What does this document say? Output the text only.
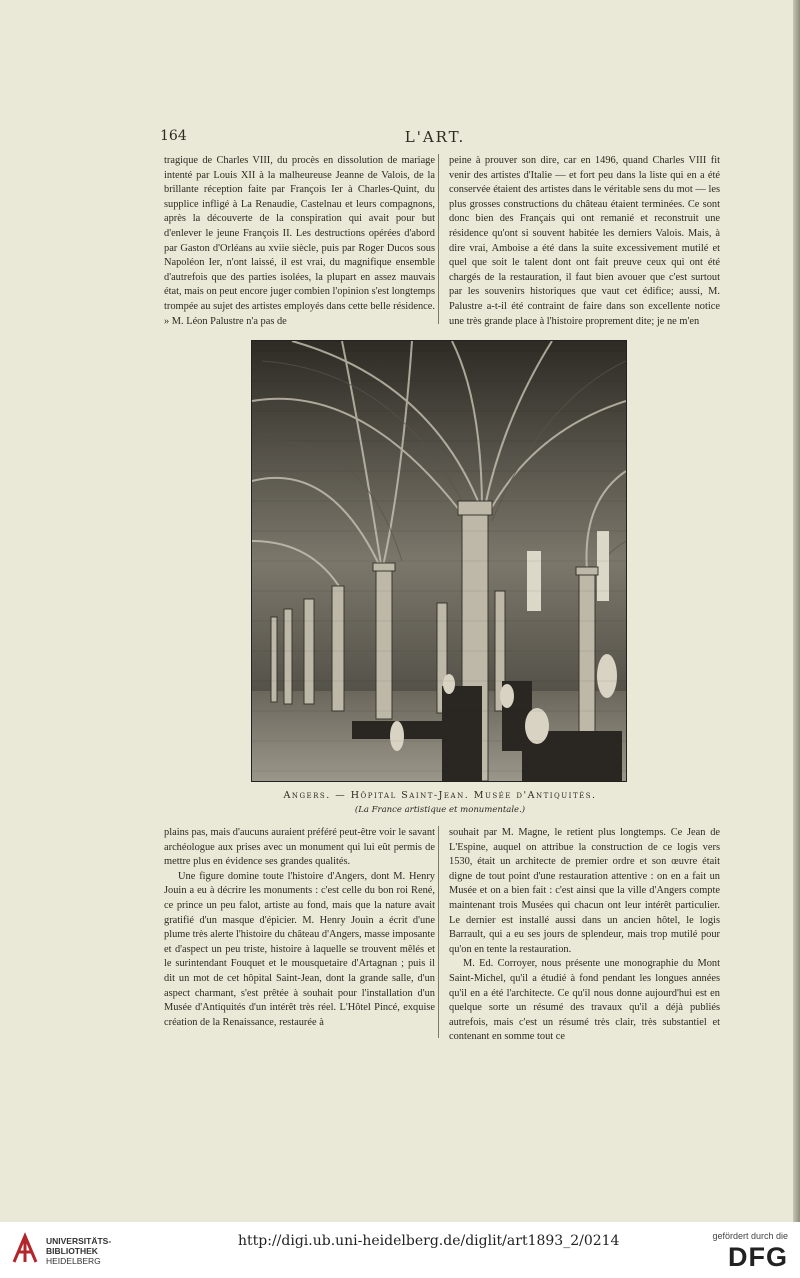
164	L'ART.

tragique de Charles VIII, du procès en dissolution de mariage intenté par Louis XII à la malheureuse Jeanne de Valois, de la brillante réception faite par François Ier à Charles-Quint, du supplice infligé à La Renaudie, Castelnau et leurs compagnons, après la découverte de la conspiration qui avait pour but d'enlever le jeune François II. Les destructions opérées d'abord par Gaston d'Orléans au xviie siècle, puis par Roger Ducos sous Napoléon Ier, n'ont laissé, il est vrai, du magnifique ensemble d'autrefois que des parties isolées, la plupart en assez mauvais état, mais on peut encore juger combien l'opinion s'est longtemps trompée au sujet des artistes employés dans cette belle résidence. » M. Léon Palustre n'a pas de

peine à prouver son dire, car en 1496, quand Charles VIII fit venir des artistes d'Italie — et fort peu dans la liste qui en a été conservée étaient des artistes dans le véritable sens du mot — les plus grosses constructions du château étaient terminées. Ce sont donc bien des Français qui ont remanié et reconstruit une résidence qu'ont si souvent habitée les derniers Valois. Mais, à dire vrai, Amboise a été dans la suite excessivement mutilé et quel que soit le talent dont ont fait preuve ceux qui ont été chargés de la restauration, il faut bien avouer que c'est surtout par les souvenirs historiques que vaut cet édifice; aussi, M. Palustre a-t-il été contraint de faire dans son excellente notice une très grande place à l'histoire proprement dite; je ne m'en

Angers. — Hôpital Saint-Jean. Musée d'Antiquités.
(La France artistique et monumentale.)

plains pas, mais d'aucuns auraient préféré peut-être voir le savant archéologue aux prises avec un monument qui lui eût permis de mettre plus en évidence ses grandes qualités.

Une figure domine toute l'histoire d'Angers, dont M. Henry Jouin a eu à décrire les monuments : c'est celle du bon roi René, ce prince un peu falot, artiste au fond, mais que la nature avait gratifié d'un masque d'épicier. M. Henry Jouin a écrit d'une plume très alerte l'histoire du château d'Angers, masse imposante et d'aspect un peu triste, histoire à laquelle se trouvent mêlés et le surintendant Fouquet et le mousquetaire d'Artagnan ; puis il dit un mot de cet hôpital Saint-Jean, dont la grande salle, d'un aspect charmant, s'est prêtée à souhait pour l'installation d'un Musée d'Antiquités d'un intérêt très réel. L'Hôtel Pincé, exquise création de la Renaissance, restaurée à

souhait par M. Magne, le retient plus longtemps. Ce Jean de L'Espine, auquel on attribue la construction de ce logis vers 1530, était un architecte de premier ordre et son œuvre était digne de tout point d'une restauration attentive : on en a fait un Musée et on a bien fait : c'est ainsi que la ville d'Angers compte maintenant trois Musées qui chacun ont leur intérêt particulier. Le dernier est installé aussi dans un ancien hôtel, le logis Barrault, qui a eu ses jours de splendeur, mais trop mutilé pour qu'on en tente la restauration.

M. Ed. Corroyer, nous présente une monographie du Mont Saint-Michel, qu'il a étudié à fond pendant les longues années qu'il en a été l'architecte. Ce qu'il nous donne aujourd'hui est en quelque sorte un résumé des travaux qu'il a déjà publiés autrefois, mais c'est un résumé très clair, très substantiel et contenant en somme tout ce

UNIVERSITÄTS-
BIBLIOTHEK
HEIDELBERG
gefördert durch die
DFG
http://digi.ub.uni-heidelberg.de/diglit/art1893_2/0214
